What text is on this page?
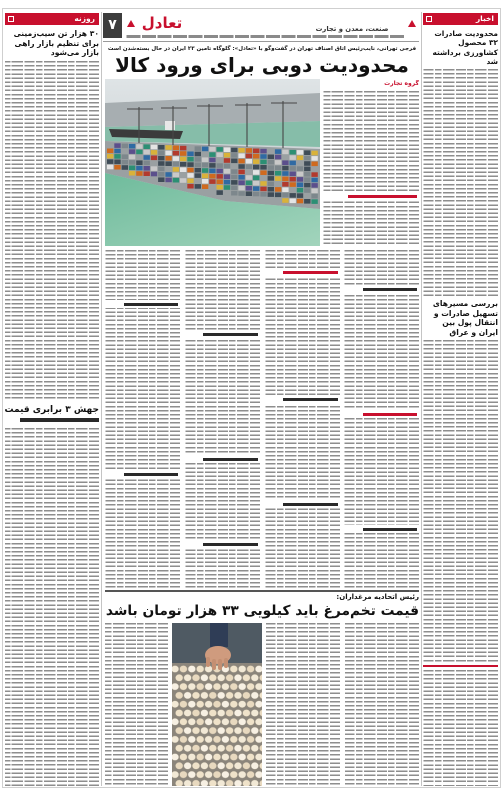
روزنه	اخبار
۷	تعادل	صنعت، معدن و تجارت
فرجی تهرانی، نایب‌رئیس اتاق اصناف تهران در گفت‌وگو با «تعادل»: گلوگاه تامین ۲۳ ایران در حال بسته‌شدن است
محدودیت دوبی برای ورود کالا
گروه تجارت
رئیس اتحادیه مرغداران:
قیمت تخم‌مرغ باید کیلویی ۳۳ هزار تومان باشد
۳۰ هزار تن سیب‌زمینی برای تنظیم بازار راهی بازار می‌شود
جهش ۳ برابری قیمت
محدودیت صادرات ۳۲ محصول کشاورزی برداشته شد
بررسی مسیرهای تسهیل صادرات و انتقال پول بین ایران و عراق
